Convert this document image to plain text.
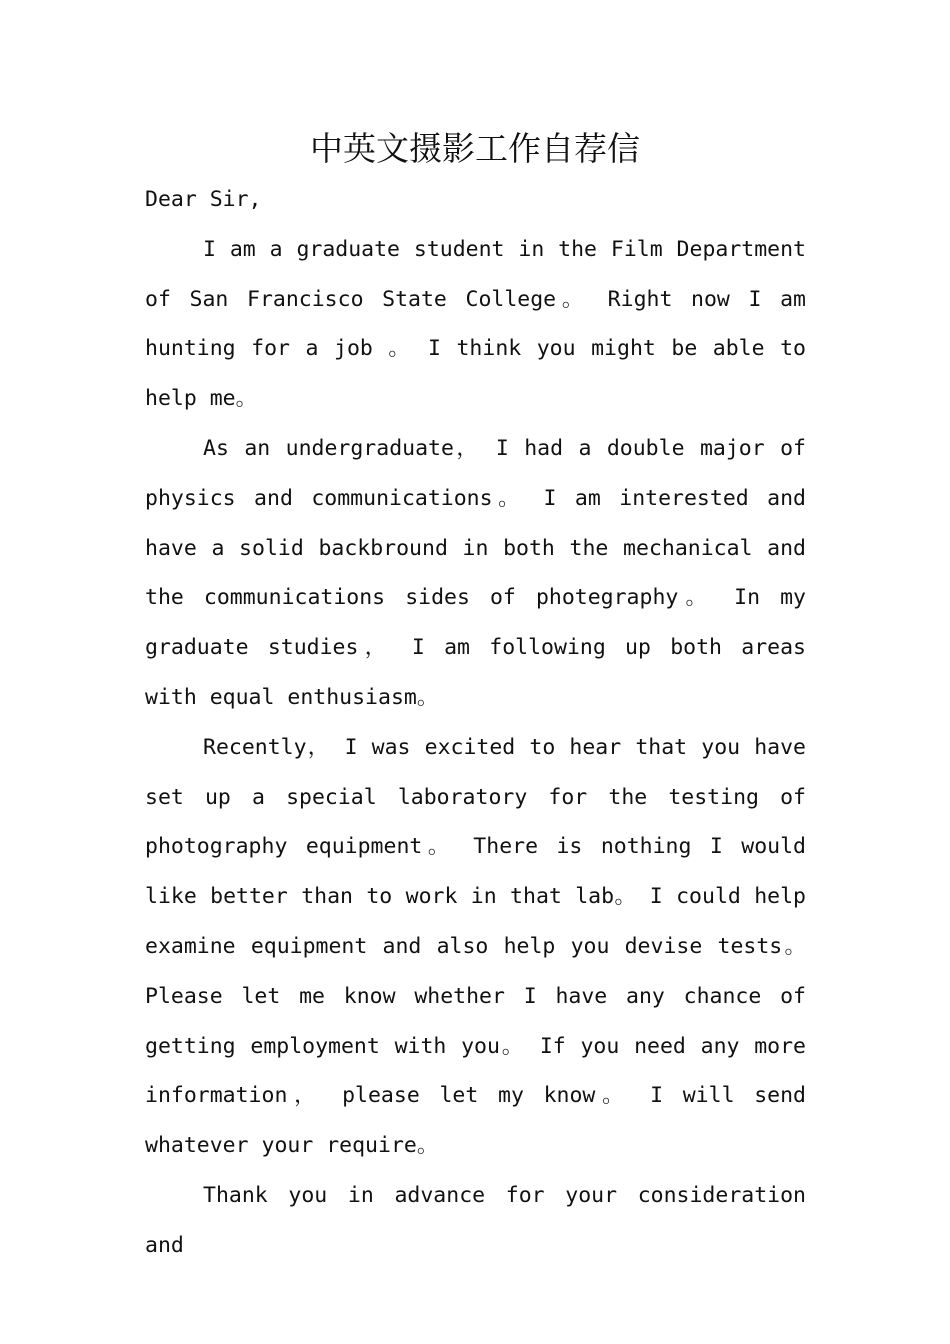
中英文摄影工作自荐信

Dear Sir,

I am a graduate student in the Film Department of San Francisco State College。 Right now I am hunting for a job 。 I think you might be able to help me。

As an undergraduate， I had a double major of physics and communications。 I am interested and have a solid backbround in both the mechanical and the communications sides of photegraphy。 In my graduate studies， I am following up both areas with equal enthusiasm。

Recently， I was excited to hear that you have set up a special laboratory for the testing of photography equipment。 There is nothing I would like better than to work in that lab。 I could help examine equipment and also help you devise tests。Please let me know whether I have any chance of getting employment with you。 If you need any more information， please let my know。 I will send whatever your require。

Thank you in advance for your consideration and
